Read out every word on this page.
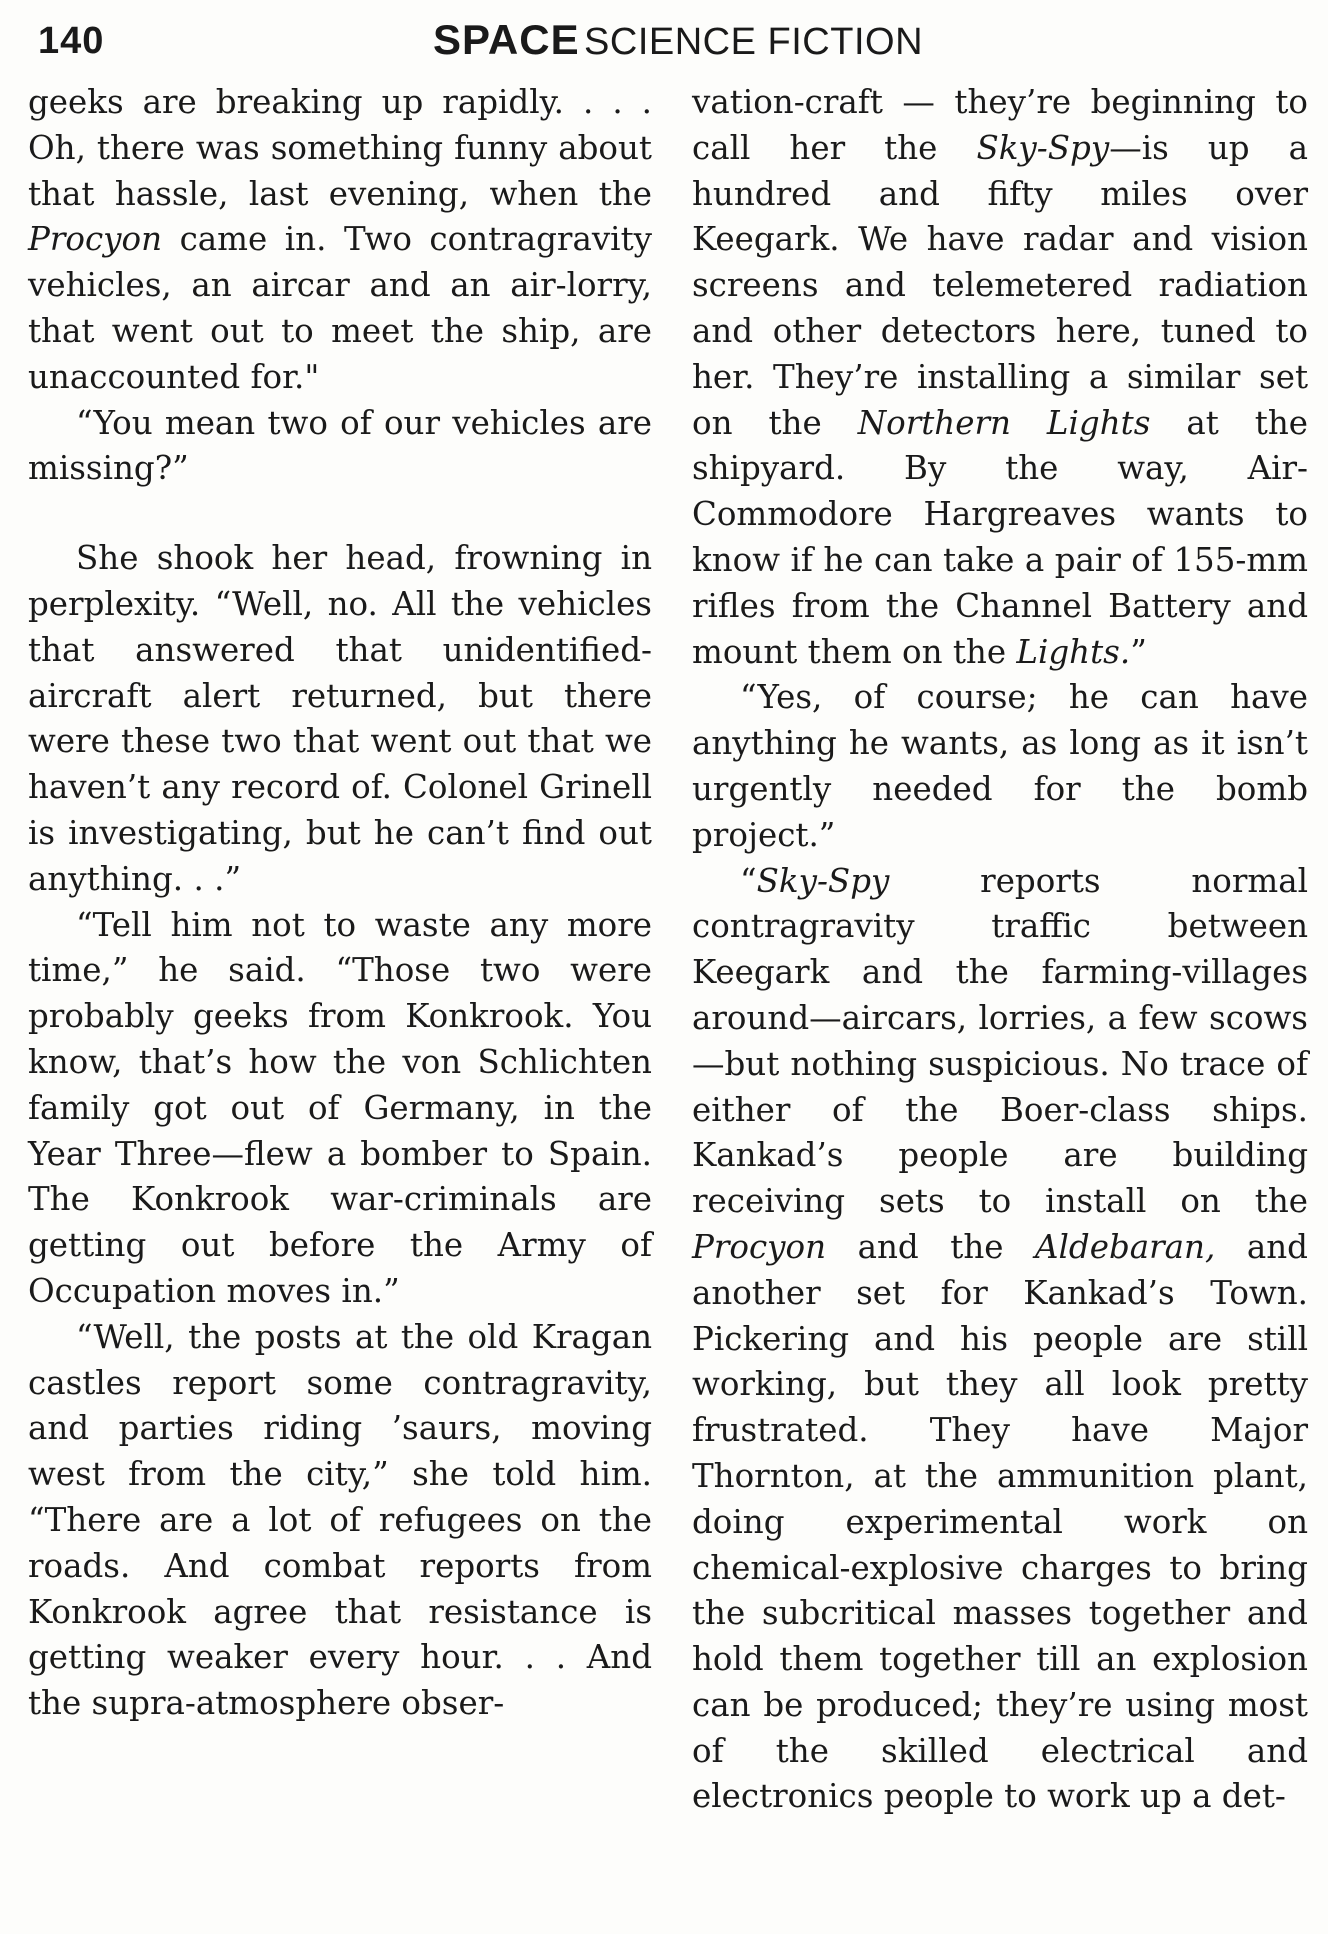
140	SPACE SCIENCE FICTION

geeks are breaking up rapidly. . . . Oh, there was something funny about that hassle, last evening, when the Procyon came in. Two contragravity vehicles, an aircar and an air-lorry, that went out to meet the ship, are unaccounted for."

“You mean two of our vehicles are missing?”

She shook her head, frowning in perplexity. “Well, no. All the vehicles that answered that unidentified-aircraft alert returned, but there were these two that went out that we haven’t any record of. Colonel Grinell is investigating, but he can’t find out anything. . .”

“Tell him not to waste any more time,” he said. “Those two were probably geeks from Konkrook. You know, that’s how the von Schlichten family got out of Germany, in the Year Three—flew a bomber to Spain. The Konkrook war-criminals are getting out before the Army of Occupation moves in.”

“Well, the posts at the old Kragan castles report some contragravity, and parties riding ’saurs, moving west from the city,” she told him. “There are a lot of refugees on the roads. And combat reports from Konkrook agree that resistance is getting weaker every hour. . . And the supra-atmosphere obser-

vation-craft — they’re beginning to call her the Sky-Spy—is up a hundred and fifty miles over Keegark. We have radar and vision screens and telemetered radiation and other detectors here, tuned to her. They’re installing a similar set on the Northern Lights at the shipyard. By the way, Air-Commodore Hargreaves wants to know if he can take a pair of 155-mm rifles from the Channel Battery and mount them on the Lights.”

“Yes, of course; he can have anything he wants, as long as it isn’t urgently needed for the bomb project.”

“Sky-Spy reports normal contragravity traffic between Keegark and the farming-villages around—aircars, lorries, a few scows—but nothing suspicious. No trace of either of the Boer-class ships. Kankad’s people are building receiving sets to install on the Procyon and the Aldebaran, and another set for Kankad’s Town. Pickering and his people are still working, but they all look pretty frustrated. They have Major Thornton, at the ammunition plant, doing experimental work on chemical-explosive charges to bring the subcritical masses together and hold them together till an explosion can be produced; they’re using most of the skilled electrical and electronics people to work up a det-
